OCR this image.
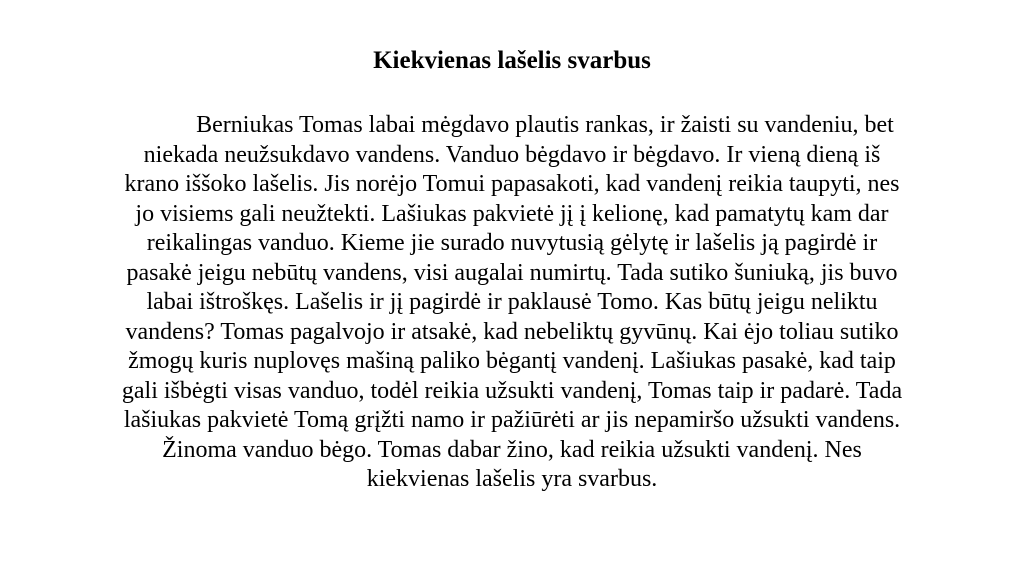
Kiekvienas lašelis svarbus
Berniukas Tomas labai mėgdavo plautis rankas, ir žaisti su vandeniu, bet
niekada neužsukdavo vandens. Vanduo bėgdavo ir bėgdavo. Ir vieną dieną iš
krano iššoko lašelis. Jis norėjo Tomui papasakoti, kad vandenį reikia taupyti, nes
jo visiems gali neužtekti. Lašiukas pakvietė jį į kelionę, kad pamatytų kam dar
reikalingas vanduo. Kieme jie surado nuvytusią gėlytę ir lašelis ją pagirdė ir
pasakė jeigu nebūtų vandens, visi augalai numirtų. Tada sutiko šuniuką, jis buvo
labai ištroškęs. Lašelis ir jį pagirdė ir paklausė Tomo. Kas būtų jeigu neliktu
vandens? Tomas pagalvojo ir atsakė, kad nebeliktų gyvūnų. Kai ėjo toliau sutiko
žmogų kuris nuplovęs mašiną paliko bėgantį vandenį. Lašiukas pasakė, kad taip
gali išbėgti visas vanduo, todėl reikia užsukti vandenį, Tomas taip ir padarė. Tada
lašiukas pakvietė Tomą grįžti namo ir pažiūrėti ar jis nepamiršo užsukti vandens.
Žinoma vanduo bėgo. Tomas dabar žino, kad reikia užsukti vandenį. Nes
kiekvienas lašelis yra svarbus.
